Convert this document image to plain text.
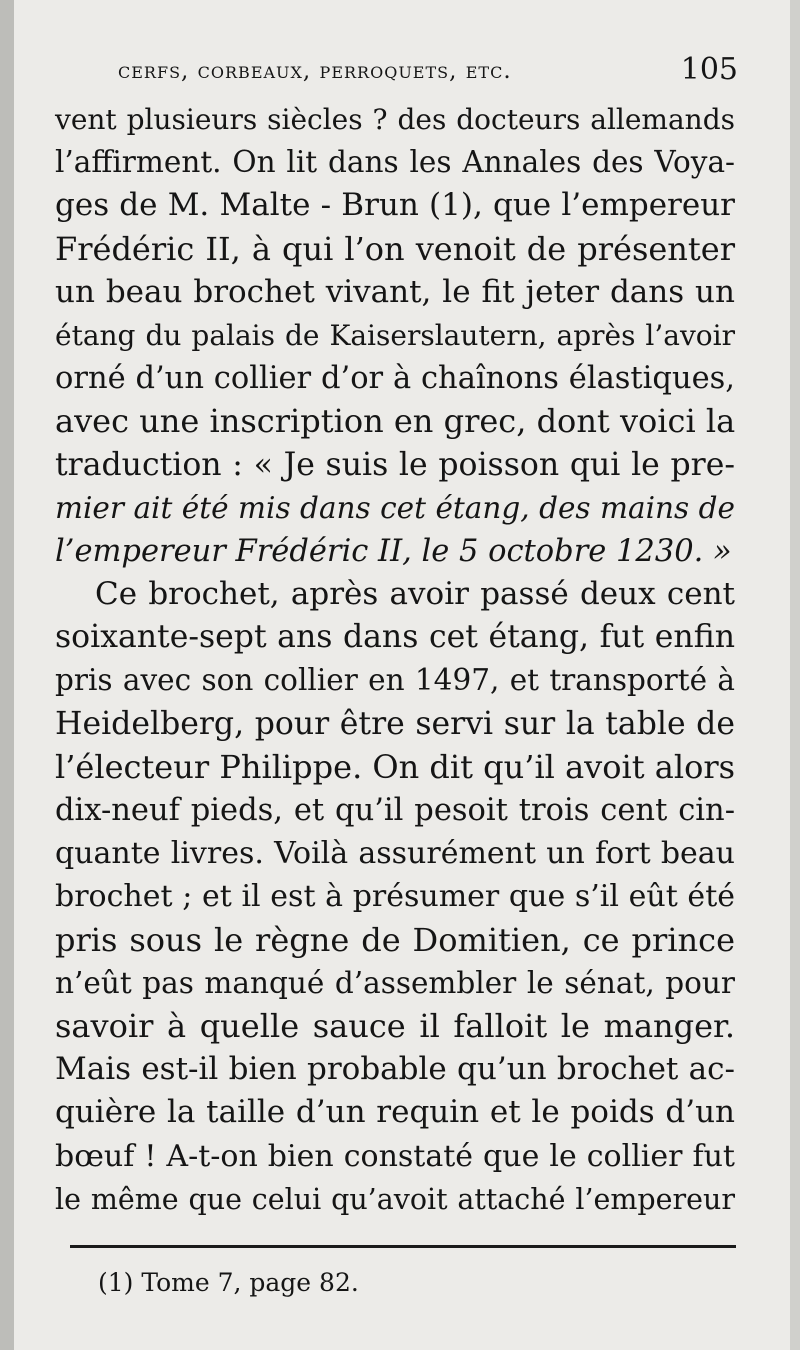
cerfs, corbeaux, perroquets, etc.	105
vent plusieurs siècles ? des docteurs allemands
l’affirment. On lit dans les Annales des Voya-
ges de M. Malte - Brun (1), que l’empereur
Frédéric II, à qui l’on venoit de présenter
un beau brochet vivant, le fit jeter dans un
étang du palais de Kaiserslautern, après l’avoir
orné d’un collier d’or à chaînons élastiques,
avec une inscription en grec, dont voici la
traduction : « Je suis le poisson qui le pre-
mier ait été mis dans cet étang, des mains de
l’empereur Frédéric II, le 5 octobre 1230. »
Ce brochet, après avoir passé deux cent
soixante-sept ans dans cet étang, fut enfin
pris avec son collier en 1497, et transporté à
Heidelberg, pour être servi sur la table de
l’électeur Philippe. On dit qu’il avoit alors
dix-neuf pieds, et qu’il pesoit trois cent cin-
quante livres. Voilà assurément un fort beau
brochet ; et il est à présumer que s’il eût été
pris sous le règne de Domitien, ce prince
n’eût pas manqué d’assembler le sénat, pour
savoir à quelle sauce il falloit le manger.
Mais est-il bien probable qu’un brochet ac-
quière la taille d’un requin et le poids d’un
bœuf ! A-t-on bien constaté que le collier fut
le même que celui qu’avoit attaché l’empereur
(1) Tome 7, page 82.
